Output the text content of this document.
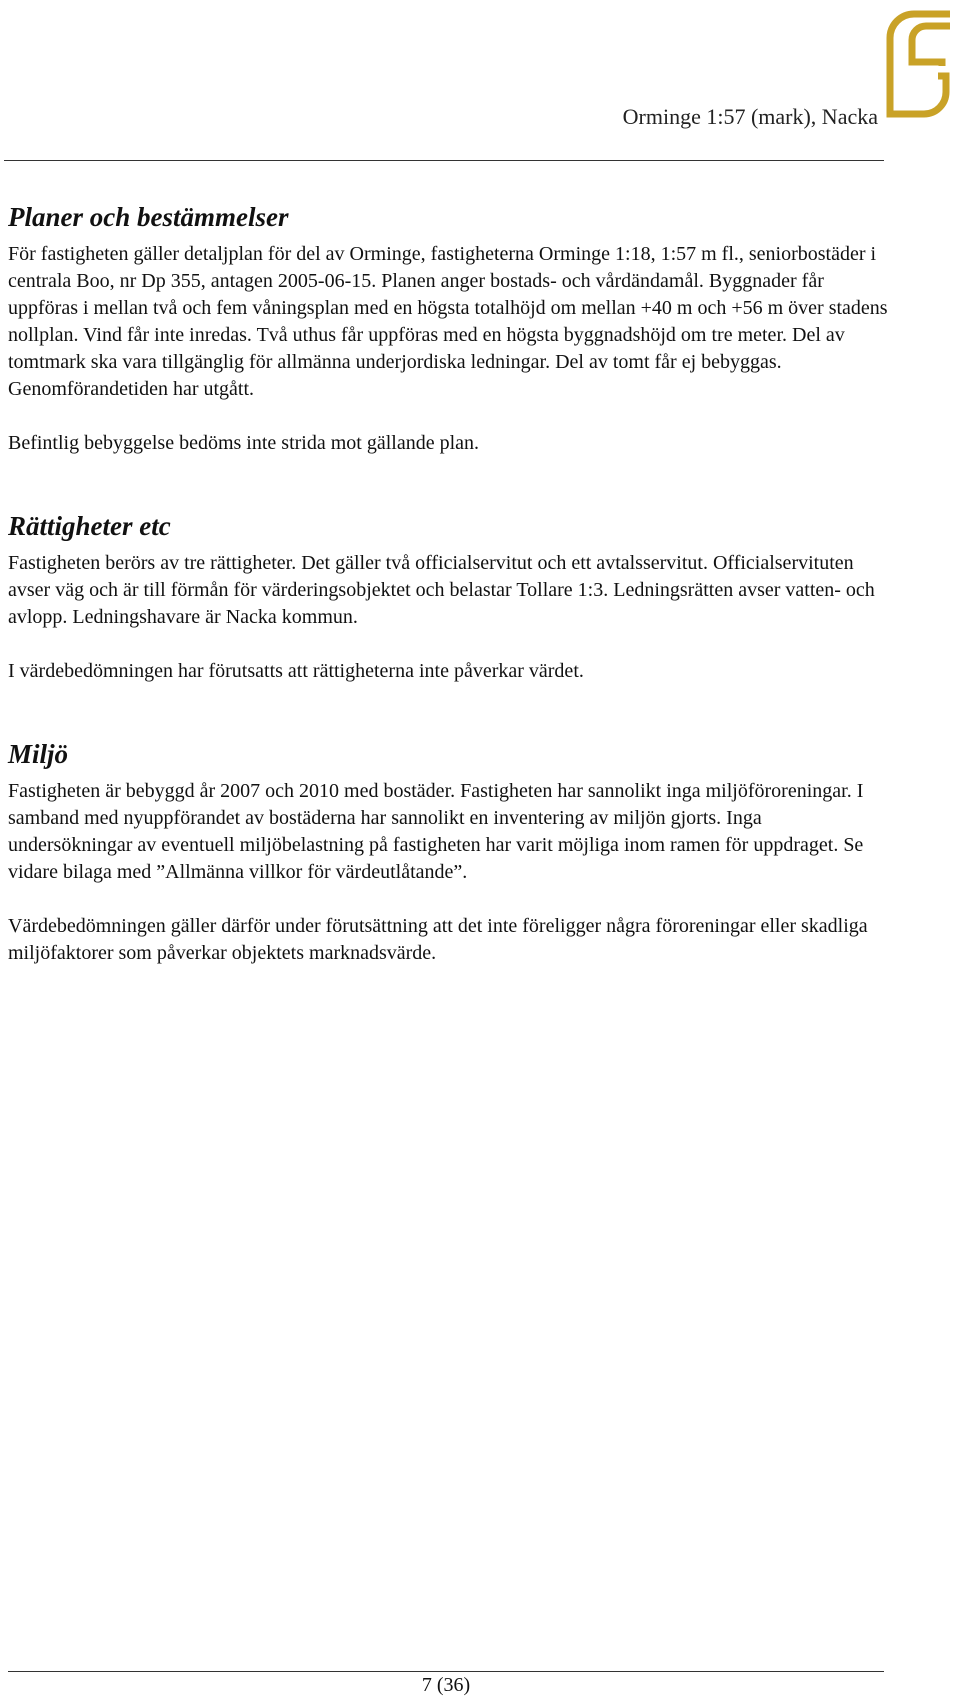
Orminge 1:57 (mark), Nacka
Planer och bestämmelser

För fastigheten gäller detaljplan för del av Orminge, fastigheterna Orminge 1:18, 1:57 m fl., seniorbostäder i centrala Boo, nr Dp 355, antagen 2005-06-15. Planen anger bostads- och vårdändamål. Byggnader får uppföras i mellan två och fem våningsplan med en högsta totalhöjd om mellan +40 m och +56 m över stadens nollplan. Vind får inte inredas. Två uthus får uppföras med en högsta byggnadshöjd om tre meter. Del av tomtmark ska vara tillgänglig för allmänna underjordiska ledningar. Del av tomt får ej bebyggas. Genomförandetiden har utgått.

Befintlig bebyggelse bedöms inte strida mot gällande plan.

Rättigheter etc

Fastigheten berörs av tre rättigheter. Det gäller två officialservitut och ett avtalsservitut. Officialservituten avser väg och är till förmån för värderingsobjektet och belastar Tollare 1:3. Ledningsrätten avser vatten- och avlopp. Ledningshavare är Nacka kommun.

I värdebedömningen har förutsatts att rättigheterna inte påverkar värdet.

Miljö

Fastigheten är bebyggd år 2007 och 2010 med bostäder. Fastigheten har sannolikt inga miljöföroreningar. I samband med nyuppförandet av bostäderna har sannolikt en inventering av miljön gjorts. Inga undersökningar av eventuell miljöbelastning på fastigheten har varit möjliga inom ramen för uppdraget. Se vidare bilaga med ”Allmänna villkor för värdeutlåtande”.

Värdebedömningen gäller därför under förutsättning att det inte föreligger några föroreningar eller skadliga miljöfaktorer som påverkar objektets marknadsvärde.

7 (36)
